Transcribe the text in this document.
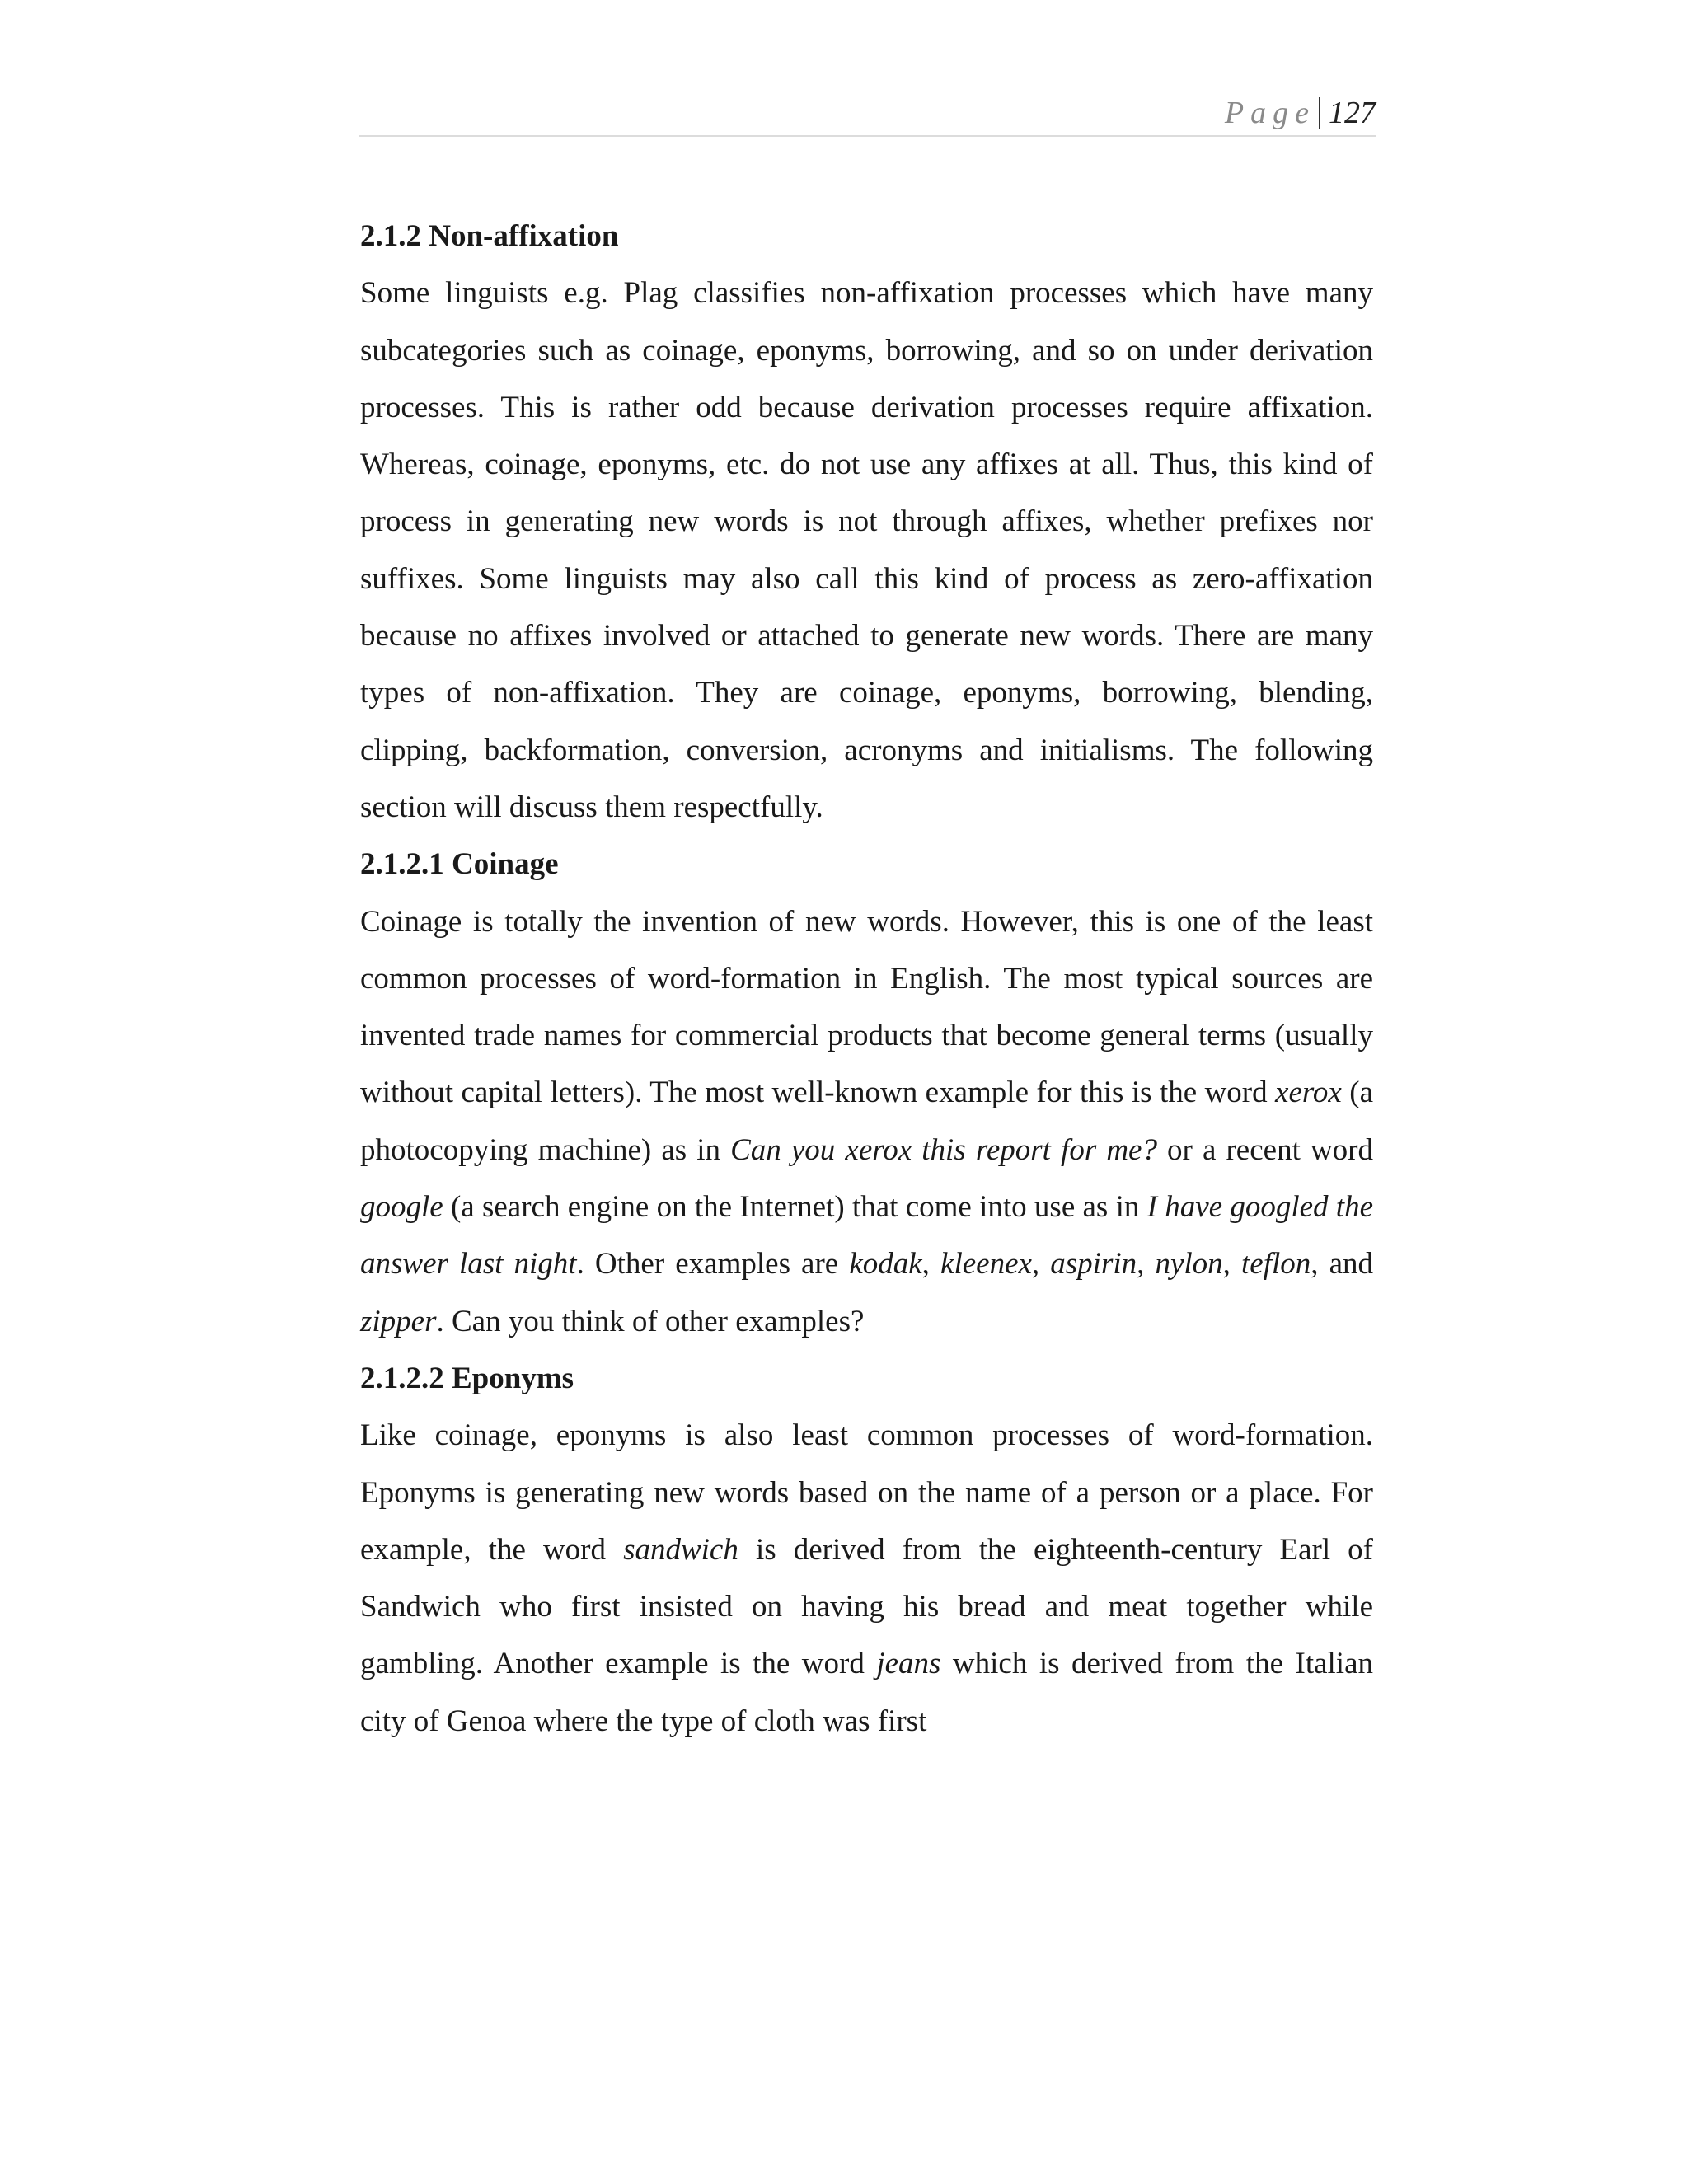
Page 127
2.1.2 Non-affixation

Some linguists e.g. Plag classifies non-affixation processes which have many subcategories such as coinage, eponyms, borrowing, and so on under derivation processes. This is rather odd because derivation processes require affixation. Whereas, coinage, eponyms, etc. do not use any affixes at all. Thus, this kind of process in generating new words is not through affixes, whether prefixes nor suffixes. Some linguists may also call this kind of process as zero-affixation because no affixes involved or attached to generate new words. There are many types of non-affixation. They are coinage, eponyms, borrowing, blending, clipping, backformation, conversion, acronyms and initialisms. The following section will discuss them respectfully.

2.1.2.1 Coinage

Coinage is totally the invention of new words. However, this is one of the least common processes of word-formation in English. The most typical sources are invented trade names for commercial products that become general terms (usually without capital letters). The most well-known example for this is the word xerox (a photocopying machine) as in Can you xerox this report for me? or a recent word google (a search engine on the Internet) that come into use as in I have googled the answer last night. Other examples are kodak, kleenex, aspirin, nylon, teflon, and zipper. Can you think of other examples?

2.1.2.2 Eponyms

Like coinage, eponyms is also least common processes of word-formation. Eponyms is generating new words based on the name of a person or a place. For example, the word sandwich is derived from the eighteenth-century Earl of Sandwich who first insisted on having his bread and meat together while gambling. Another example is the word jeans which is derived from the Italian city of Genoa where the type of cloth was first
